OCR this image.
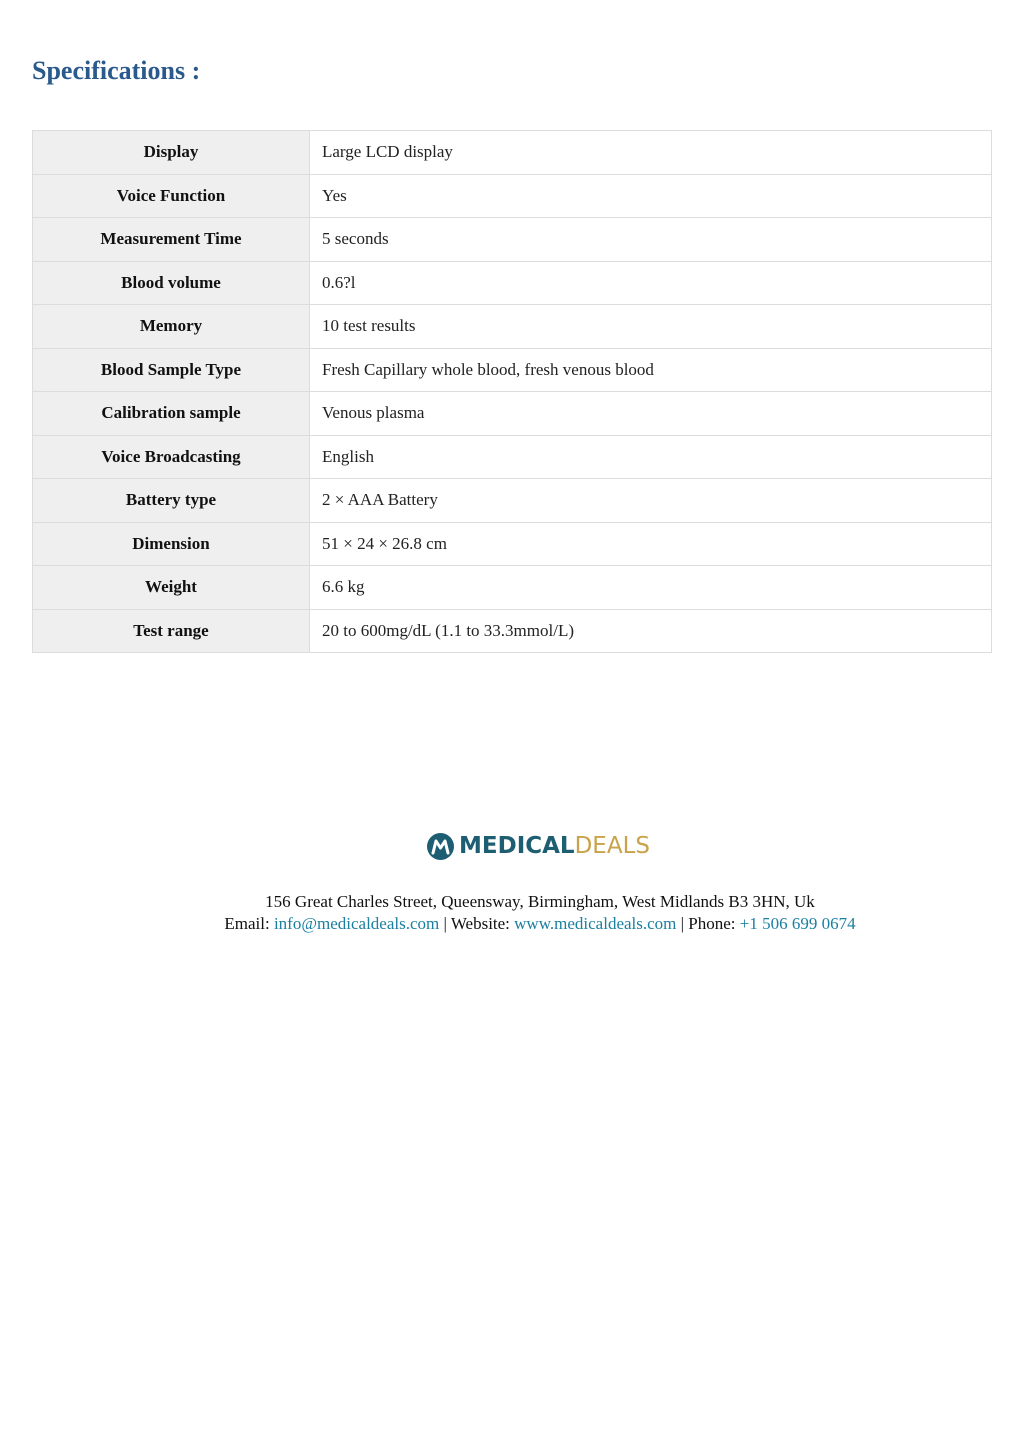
Specifications :
Display	Large LCD display
Voice Function	Yes
Measurement Time	5 seconds
Blood volume	0.6?l
Memory	10 test results
Blood Sample Type	Fresh Capillary whole blood, fresh venous blood
Calibration sample	Venous plasma
Voice Broadcasting	English
Battery type	2 × AAA Battery
Dimension	51 × 24 × 26.8 cm
Weight	6.6 kg
Test range	20 to 600mg/dL (1.1 to 33.3mmol/L)
MEDICAL DEALS
156 Great Charles Street, Queensway, Birmingham, West Midlands B3 3HN, Uk
Email: info@medicaldeals.com | Website: www.medicaldeals.com | Phone: +1 506 699 0674
